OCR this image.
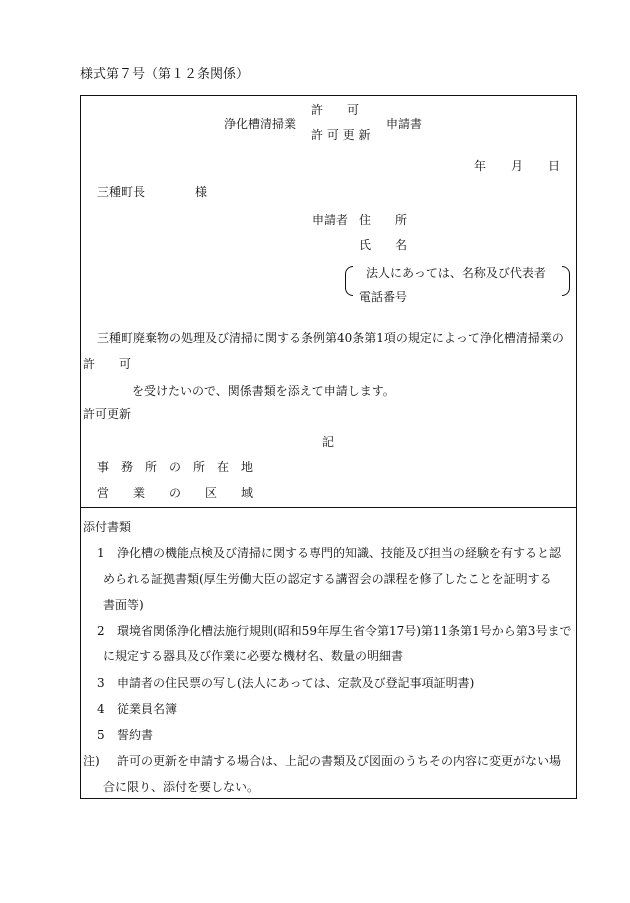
様式第７号（第１２条関係）
浄化槽清掃業
許　　可
許 可 更 新
申請書
年 月 日
三種町長	様
申請者 住　　所
氏　　名
法人にあっては、名称及び代表者
電話番号
三種町廃棄物の処理及び清掃に関する条例第40条第1項の規定によって浄化槽清掃業の
許　　可
を受けたいので、関係書類を添えて申請します。
許可更新
記
事　務　所　の　所　在　地
営　　業　　の　　区　　域
添付書類
1 浄化槽の機能点検及び清掃に関する専門的知識、技能及び担当の経験を有すると認
められる証拠書類(厚生労働大臣の認定する講習会の課程を修了したことを証明する
書面等)
2 環境省関係浄化槽法施行規則(昭和59年厚生省令第17号)第11条第1号から第3号まで
に規定する器具及び作業に必要な機材名、数量の明細書
3 申請者の住民票の写し(法人にあっては、定款及び登記事項証明書)
4 従業員名簿
5 誓約書
注) 許可の更新を申請する場合は、上記の書類及び図面のうちその内容に変更がない場
合に限り、添付を要しない。
